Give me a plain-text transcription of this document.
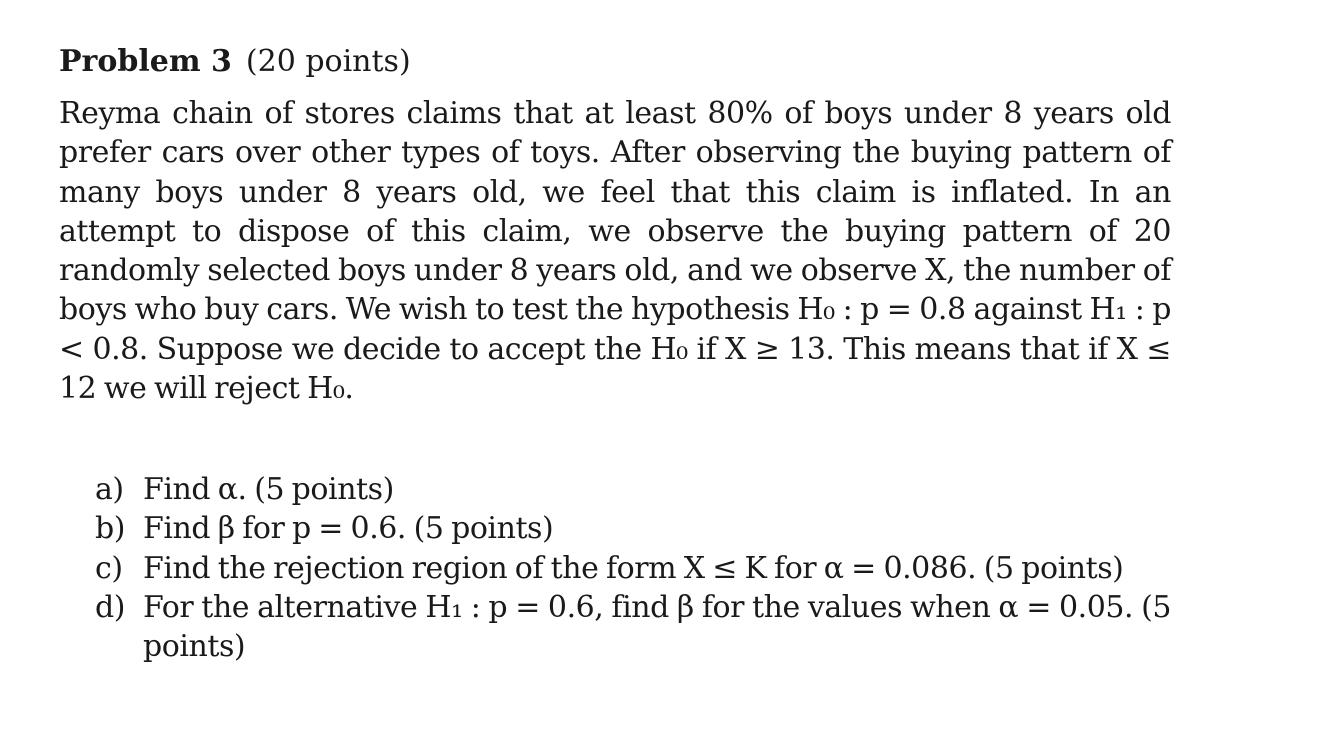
Problem 3 (20 points)

Reyma chain of stores claims that at least 80% of boys under 8 years old prefer cars over other types of toys. After observing the buying pattern of many boys under 8 years old, we feel that this claim is inflated. In an attempt to dispose of this claim, we observe the buying pattern of 20 randomly selected boys under 8 years old, and we observe X, the number of boys who buy cars. We wish to test the hypothesis H₀ : p = 0.8 against H₁ : p < 0.8. Suppose we decide to accept the H₀ if X ≥ 13. This means that if X ≤ 12 we will reject H₀.

a) Find α. (5 points)
b) Find β for p = 0.6. (5 points)
c) Find the rejection region of the form X ≤ K for α = 0.086. (5 points)
d) For the alternative H₁ : p = 0.6, find β for the values when α = 0.05. (5 points)
